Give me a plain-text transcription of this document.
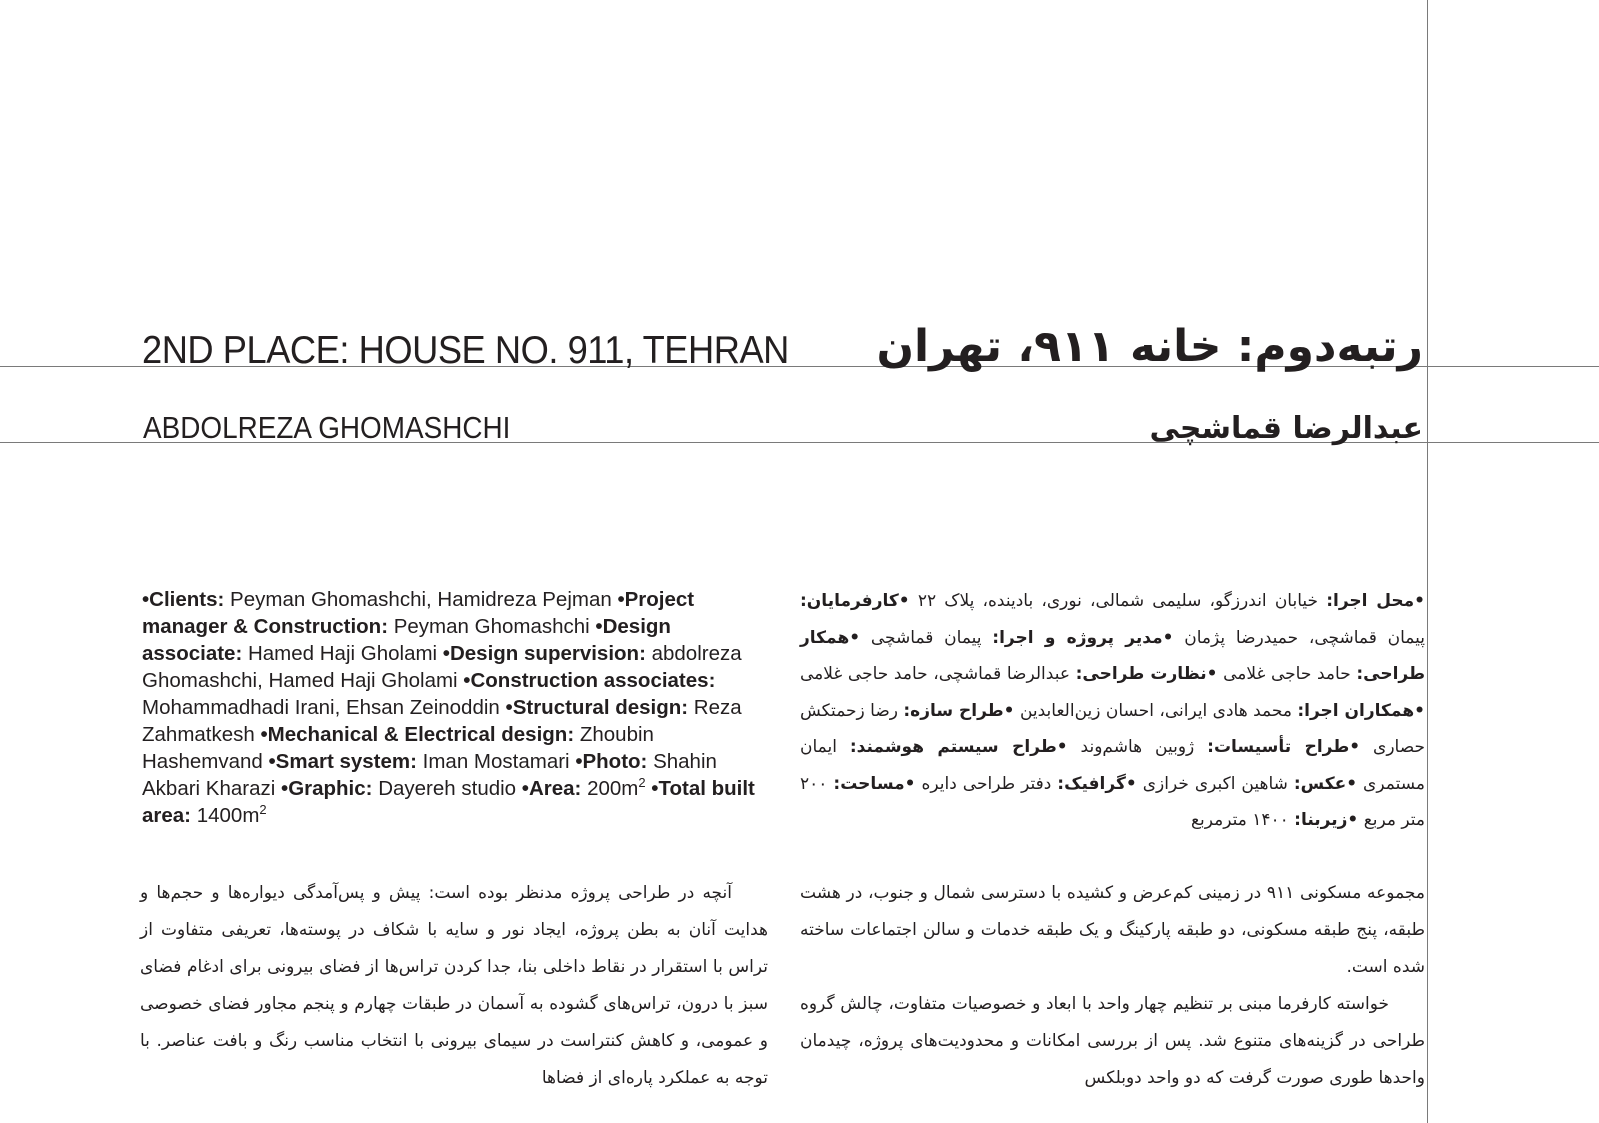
2ND PLACE: HOUSE NO. 911, TEHRAN
ABDOLREZA GHOMASHCHI
رتبه‌دوم: خانه ۹۱۱، تهران
عبدالرضا قماشچی
•Clients: Peyman Ghomashchi, Hamidreza Pejman •Project manager & Construction: Peyman Ghomashchi •Design associate: Hamed Haji Gholami •Design supervision: abdolreza Ghomashchi, Hamed Haji Gholami •Construction associates: Mohammadhadi Irani, Ehsan Zeinoddin •Structural design: Reza Zahmatkesh •Mechanical & Electrical design: Zhoubin Hashemvand •Smart system: Iman Mostamari •Photo: Shahin Akbari Kharazi •Graphic: Dayereh studio •Area: $200m^2$ •Total built area: $1400m^2$
•محل اجرا: خیابان اندرزگو، سلیمی شمالی، نوری، بادینده، پلاک ۲۲ •کارفرمایان: پیمان قماشچی، حمیدرضا پژمان •مدیر پروژه و اجرا: پیمان قماشچی •همکار طراحی: حامد حاجی غلامی •نظارت طراحی: عبدالرضا قماشچی، حامد حاجی غلامی •همکاران اجرا: محمد هادی ایرانی، احسان زین‌العابدین •طراح سازه: رضا زحمتکش حصاری •طراح تأسیسات: ژوبین هاشم‌وند •طراح سیستم هوشمند: ایمان مستمری •عکس: شاهین اکبری خرازی •گرافیک: دفتر طراحی دایره •مساحت: ۲۰۰ متر مربع •زیربنا: ۱۴۰۰ مترمربع

آنچه در طراحی پروژه مدنظر بوده است: پیش و پس‌آمدگی دیواره‌ها و حجم‌ها و هدایت آنان به بطن پروژه، ایجاد نور و سایه با شکاف در پوسته‌ها، تعریفی متفاوت از تراس با استقرار در نقاط داخلی بنا، جدا کردن تراس‌ها از فضای بیرونی برای ادغام فضای سبز با درون، تراس‌های گشوده به آسمان در طبقات چهارم و پنجم مجاور فضای خصوصی و عمومی، و کاهش کنتراست در سیمای بیرونی با انتخاب مناسب رنگ و بافت عناصر. با توجه به عملکرد پاره‌ای از فضاها

مجموعه مسکونی ۹۱۱ در زمینی کم‌عرض و کشیده با دسترسی شمال و جنوب، در هشت طبقه، پنج طبقه مسکونی، دو طبقه پارکینگ و یک طبقه خدمات و سالن اجتماعات ساخته شده است.

خواسته کارفرما مبنی بر تنظیم چهار واحد با ابعاد و خصوصیات متفاوت، چالش گروه طراحی در گزینه‌های متنوع شد. پس از بررسی امکانات و محدودیت‌های پروژه، چیدمان واحدها طوری صورت گرفت که دو واحد دوبلکس
